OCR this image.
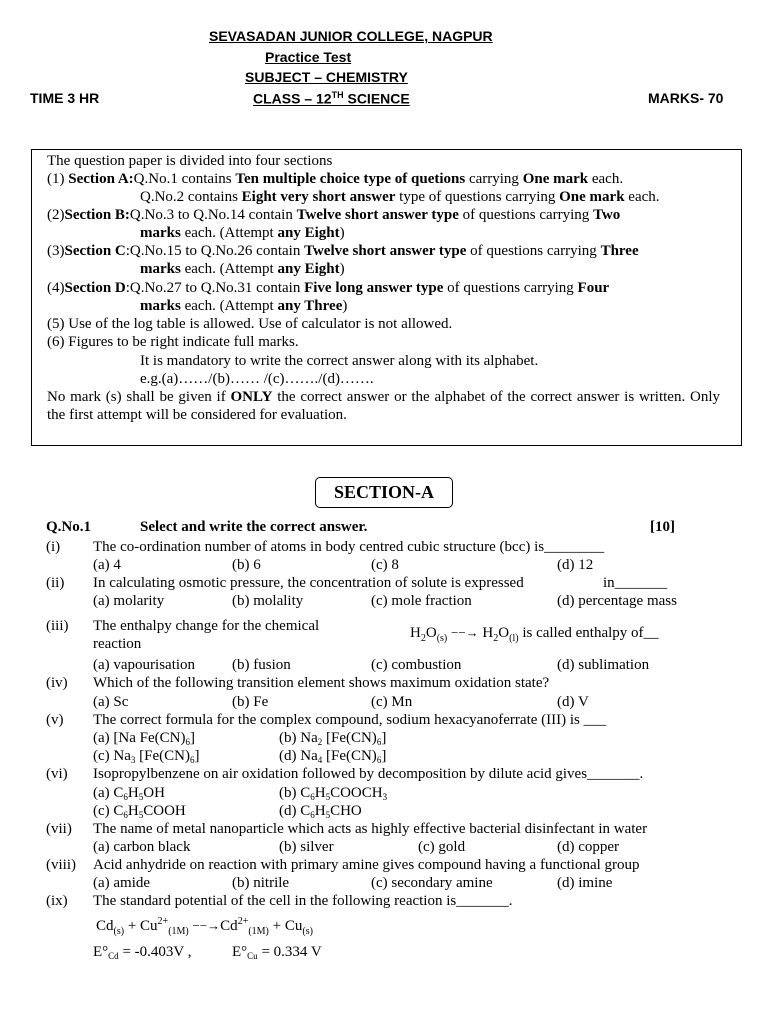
SEVASADAN JUNIOR COLLEGE, NAGPUR
Practice Test
SUBJECT – CHEMISTRY
TIME 3 HR	CLASS – 12TH SCIENCE	MARKS- 70
The question paper is divided into four sections
(1) Section A:Q.No.1 contains Ten multiple choice type of quetions carrying One mark each.
Q.No.2 contains Eight very short answer type of questions carrying One mark each.
(2)Section B:Q.No.3 to Q.No.14 contain Twelve short answer type of questions carrying Two
marks each. (Attempt any Eight)
(3)Section C:Q.No.15 to Q.No.26 contain Twelve short answer type of questions carrying Three
marks each. (Attempt any Eight)
(4)Section D:Q.No.27 to Q.No.31 contain Five long answer type of questions carrying Four
marks each. (Attempt any Three)
(5) Use of the log table is allowed. Use of calculator is not allowed.
(6) Figures to be right indicate full marks.
It is mandatory to write the correct answer along with its alphabet.
e.g.(a)……/(b)…… /(c)……./(d)…….
No mark (s) shall be given if ONLY the correct answer or the alphabet of the correct answer is written. Only the first attempt will be considered for evaluation.
SECTION-A
Q.No.1	Select and write the correct answer.	[10]
(i) The co-ordination number of atoms in body centred cubic structure (bcc) is________
(a) 4	(b) 6	(c) 8	(d) 12
(ii) In calculating osmotic pressure, the concentration of solute is expressed	in_______
(a) molarity	(b) molality	(c) mole fraction	(d) percentage mass
(iii) The enthalpy change for the chemical
reaction
$H_2O_{(s)}$ −−→ $H_2O_{(l)}$ is called enthalpy of__
(a) vapourisation (b) fusion	(c) combustion	(d) sublimation
(iv) Which of the following transition element shows maximum oxidation state?
(a) Sc	(b) Fe	(c) Mn	(d) V
(v) The correct formula for the complex compound, sodium hexacyanoferrate (III) is ___
(a) [Na $Fe(CN)_6$]	(b) $Na_2$ $[Fe(CN)_6]$
(c) $Na_3$ $[Fe(CN)_6]$	(d) $Na_4$ $[Fe(CN)_6]$
(vi) Isopropylbenzene on air oxidation followed by decomposition by dilute acid gives_______.
(a) $C_6H_5OH$	(b) $C_6H_5COOCH_3$
(c) $C_6H_5COOH$	(d) $C_6H_5CHO$
(vii) The name of metal nanoparticle which acts as highly effective bacterial disinfectant in water
(a) carbon black	(b) silver	(c) gold	(d) copper
(viii) Acid anhydride on reaction with primary amine gives compound having a functional group
(a) amide	(b) nitrile	(c) secondary amine	(d) imine
(ix) The standard potential of the cell in the following reaction is_______.
$Cd_{(s)} + Cu^{2+}_{(1M)} --\to Cd^{2+}_{(1M)} + Cu_{(s)}$
$E^\circ_{Cd} = -0.403V$ ,	$E^\circ_{Cu} = 0.334$ V
